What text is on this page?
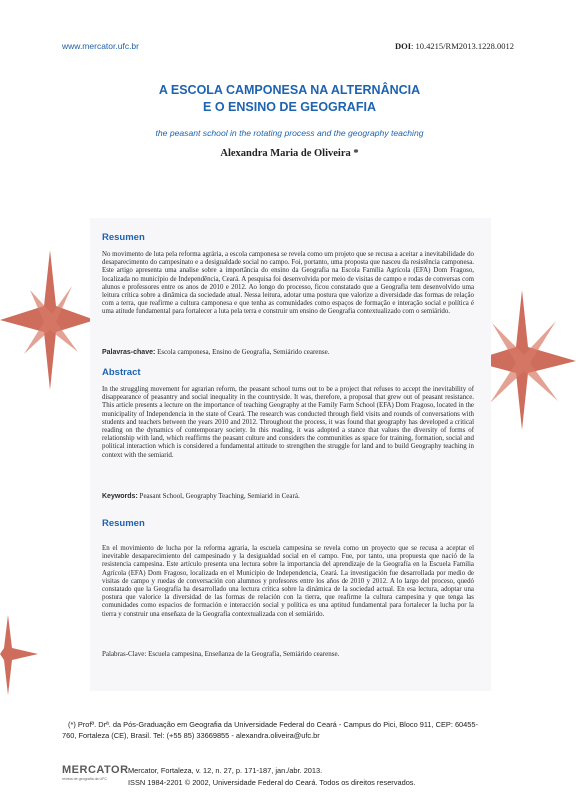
www.mercator.ufc.br	DOI: 10.4215/RM2013.1228.0012
A ESCOLA CAMPONESA NA ALTERNÂNCIA
E O ENSINO DE GEOGRAFIA
the peasant school in the rotating process and the geography teaching
Alexandra Maria de Oliveira *
Resumen
No movimento de luta pela reforma agrária, a escola camponesa se revela como um projeto que se recusa a aceitar a inevitabilidade do desaparecimento do campesinato e a desigualdade social no campo. Foi, portanto, uma proposta que nasceu da resistência camponesa. Este artigo apresenta uma analise sobre a importância do ensino da Geografia na Escola Família Agrícola (EFA) Dom Fragoso, localizada no município de Independência, Ceará. A pesquisa foi desenvolvida por meio de visitas de campo e rodas de conversas com alunos e professores entre os anos de 2010 e 2012. Ao longo do processo, ficou constatado que a Geografia tem desenvolvido uma leitura crítica sobre a dinâmica da sociedade atual. Nessa leitura, adotar uma postura que valorize a diversidade das formas de relação com a terra, que reafirme a cultura camponesa e que tenha as comunidades como espaços de formação e interação social e política é uma atitude fundamental para fortalecer a luta pela terra e construir um ensino de Geografia contextualizado com o semiárido.
Palavras-chave: Escola camponesa, Ensino de Geografia, Semiárido cearense.
Abstract
In the struggling movement for agrarian reform, the peasant school turns out to be a project that refuses to accept the inevitability of disappearance of peasantry and social inequality in the countryside. It was, therefore, a proposal that grew out of peasant resistance. This article presents a lecture on the importance of teaching Geography at the Family Farm School (EFA) Dom Fragoso, located in the municipality of Independencia in the state of Ceará. The research was conducted through field visits and rounds of conversations with students and teachers between the years 2010 and 2012. Throughout the process, it was found that geography has developed a critical reading on the dynamics of contemporary society. In this reading, it was adopted a stance that values the diversity of forms of relationship with land, which reaffirms the peasant culture and considers the communities as space for training, formation, social and political interaction which is considered a fundamental attitude to strengthen the struggle for land and to build Geography teaching in context with the semiarid.
Keywords: Peasant School, Geography Teaching, Semiarid in Ceará.
Resumen
En el movimiento de lucha por la reforma agraria, la escuela campesina se revela como un proyecto que se recusa a aceptar el inevitable desaparecimiento del campesinado y la desigualdad social en el campo. Fue, por tanto, una propuesta que nació de la resistencia campesina. Este artículo presenta una lectura sobre la importancia del aprendizaje de la Geografía en la Escuela Familia Agrícola (EFA) Dom Fragoso, localizada en el Municipio de Independencia, Ceará. La investigación fue desarrollada por medio de visitas de campo y ruedas de conversación con alumnos y profesores entre los años de 2010 y 2012. A lo largo del proceso, quedó constatado que la Geografía ha desarrollado una lectura crítica sobre la dinámica de la sociedad actual. En esa lectura, adoptar una postura que valorice la diversidad de las formas de relación con la tierra, que reafirme la cultura campesina y que tenga las comunidades como espacios de formación e interacción social y política es una aptitud fundamental para fortalecer la lucha por la tierra y construir una enseñaza de la Geografía contextualizada con el semiárido.
Palabras-Clave: Escuela campesina, Enseñanza de la Geografía, Semiárido cearense.
(*) Profª. Drª. da Pós-Graduação em Geografia da Universidade Federal do Ceará - Campus do Pici, Bloco 911, CEP: 60455-
760, Fortaleza (CE), Brasil. Tel: (+55 85) 33669855 - alexandra.oliveira@ufc.br
MERCATOR
revista de geografia da UFC
Mercator, Fortaleza, v. 12, n. 27, p. 171-187, jan./abr. 2013.
ISSN 1984-2201 © 2002, Universidade Federal do Ceará. Todos os direitos reservados.
